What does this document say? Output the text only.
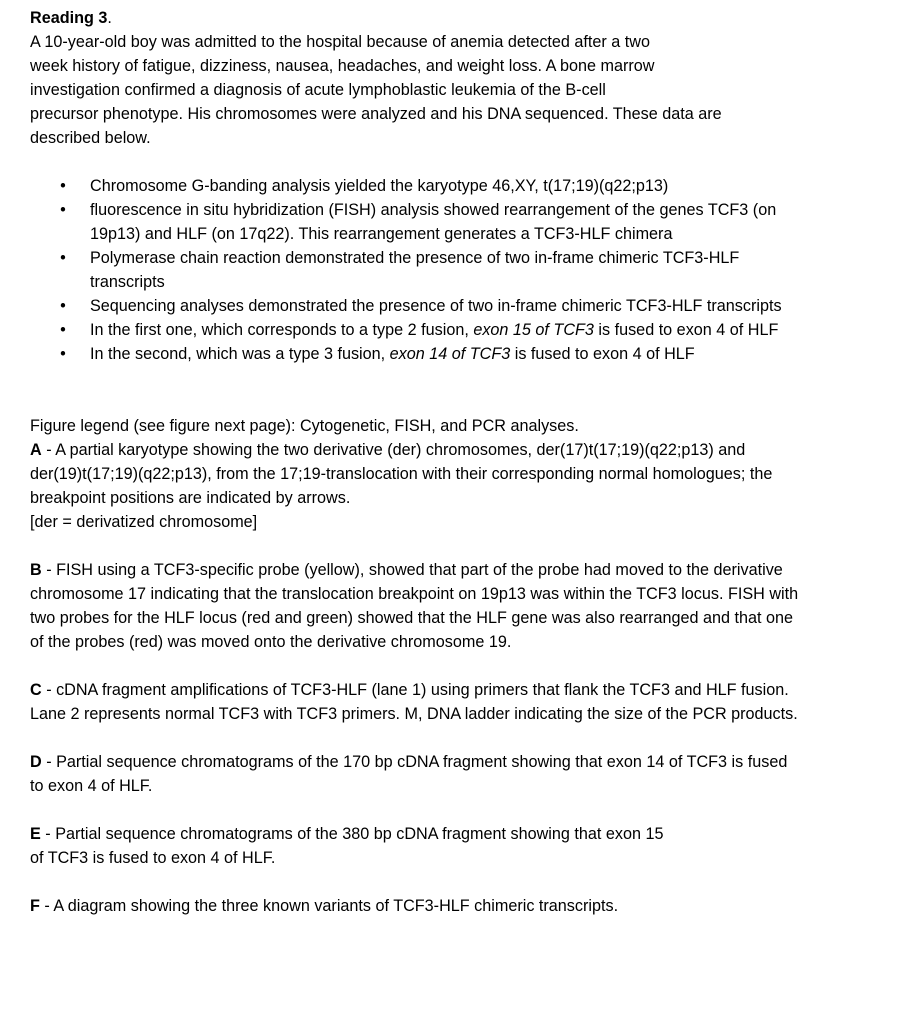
Reading 3.

A 10-year-old boy was admitted to the hospital because of anemia detected after a two

week history of fatigue, dizziness, nausea, headaches, and weight loss. A bone marrow

investigation confirmed a diagnosis of acute lymphoblastic leukemia of the B-cell

precursor phenotype. His chromosomes were analyzed and his DNA sequenced. These data are

described below.

• Chromosome G-banding analysis yielded the karyotype 46,XY, t(17;19)(q22;p13)
• fluorescence in situ hybridization (FISH) analysis showed rearrangement of the genes TCF3 (on
19p13) and HLF (on 17q22). This rearrangement generates a TCF3-HLF chimera
• Polymerase chain reaction demonstrated the presence of two in-frame chimeric TCF3-HLF
transcripts
• Sequencing analyses demonstrated the presence of two in-frame chimeric TCF3-HLF transcripts
• In the first one, which corresponds to a type 2 fusion, exon 15 of TCF3 is fused to exon 4 of HLF
• In the second, which was a type 3 fusion, exon 14 of TCF3 is fused to exon 4 of HLF

Figure legend (see figure next page): Cytogenetic, FISH, and PCR analyses.

A - A partial karyotype showing the two derivative (der) chromosomes, der(17)t(17;19)(q22;p13) and

der(19)t(17;19)(q22;p13), from the 17;19-translocation with their corresponding normal homologues; the

breakpoint positions are indicated by arrows.

[der = derivatized chromosome]

B - FISH using a TCF3-specific probe (yellow), showed that part of the probe had moved to the derivative

chromosome 17 indicating that the translocation breakpoint on 19p13 was within the TCF3 locus. FISH with

two probes for the HLF locus (red and green) showed that the HLF gene was also rearranged and that one

of the probes (red) was moved onto the derivative chromosome 19.

C - cDNA fragment amplifications of TCF3-HLF (lane 1) using primers that flank the TCF3 and HLF fusion.

Lane 2 represents normal TCF3 with TCF3 primers. M, DNA ladder indicating the size of the PCR products.

D - Partial sequence chromatograms of the 170 bp cDNA fragment showing that exon 14 of TCF3 is fused

to exon 4 of HLF.

E - Partial sequence chromatograms of the 380 bp cDNA fragment showing that exon 15

of TCF3 is fused to exon 4 of HLF.

F - A diagram showing the three known variants of TCF3-HLF chimeric transcripts.
